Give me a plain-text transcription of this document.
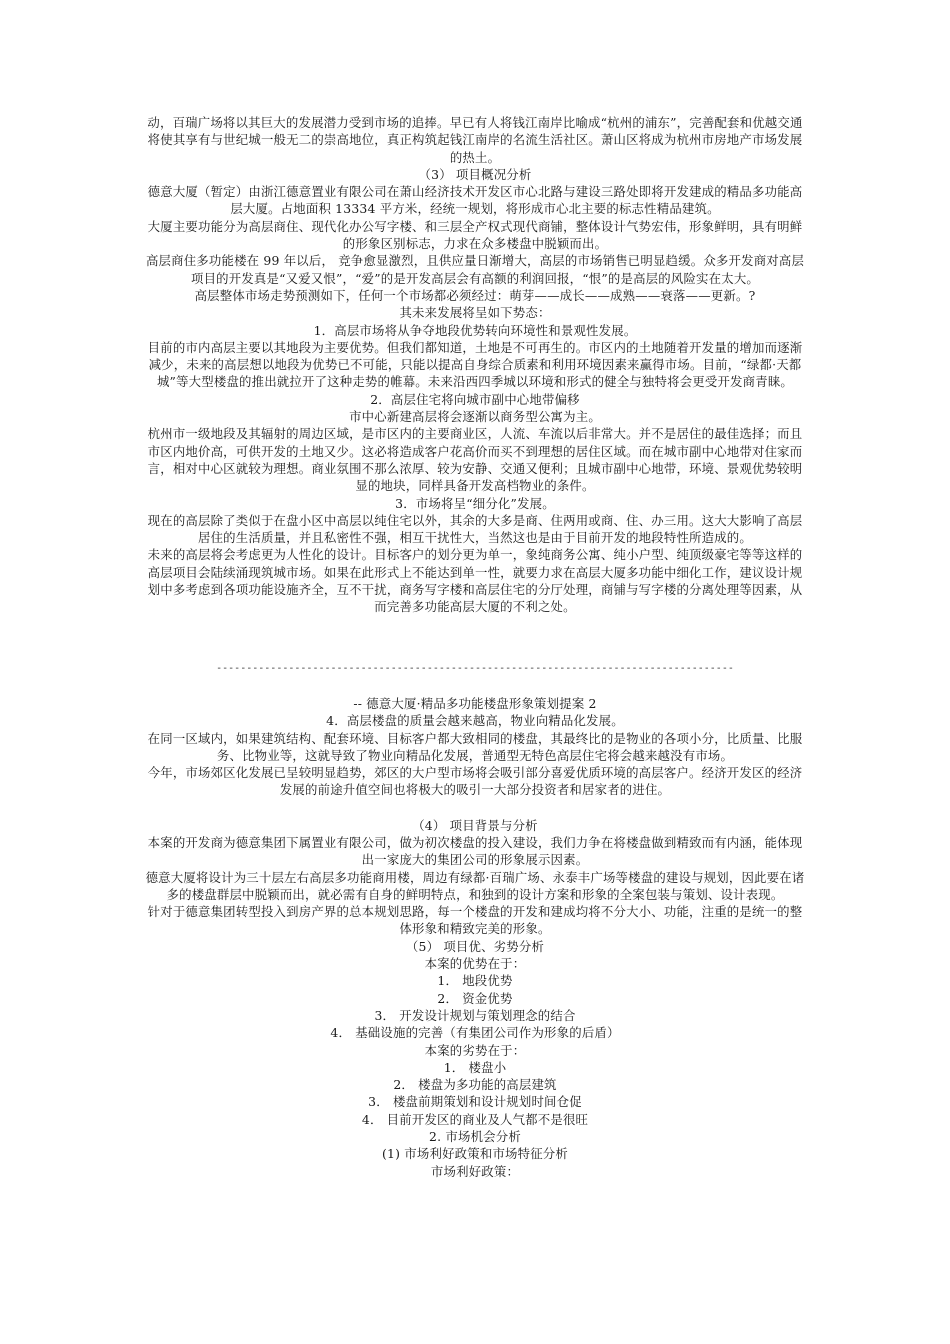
动，百瑞广场将以其巨大的发展潜力受到市场的追捧。早已有人将钱江南岸比喻成“杭州的浦东”，完善配套和优越交通将使其享有与世纪城一般无二的崇高地位，真正构筑起钱江南岸的名流生活社区。萧山区将成为杭州市房地产市场发展的热土。

（3） 项目概况分析

德意大厦（暂定）由浙江德意置业有限公司在萧山经济技术开发区市心北路与建设三路处即将开发建成的精品多功能高层大厦。占地面积 13334 平方米，经统一规划，将形成市心北主要的标志性精品建筑。

大厦主要功能分为高层商住、现代化办公写字楼、和三层全产权式现代商铺，整体设计气势宏伟，形象鲜明，具有明鲜的形象区别标志，力求在众多楼盘中脱颖而出。

高层商住多功能楼在 99 年以后， 竞争愈显激烈，且供应量日渐增大，高层的市场销售已明显趋缓。众多开发商对高层项目的开发真是“又爱又恨”，“爱”的是开发高层会有高额的利润回报，“恨”的是高层的风险实在太大。

高层整体市场走势预测如下，任何一个市场都必须经过：萌芽——成长——成熟——衰落——更新。?

其未来发展将呈如下势态：

1．高层市场将从争夺地段优势转向环境性和景观性发展。

目前的市内高层主要以其地段为主要优势。但我们都知道，土地是不可再生的。市区内的土地随着开发量的增加而逐渐减少，未来的高层想以地段为优势已不可能，只能以提高自身综合质素和利用环境因素来赢得市场。目前，“绿都·天都城”等大型楼盘的推出就拉开了这种走势的帷幕。未来沿西四季城以环境和形式的健全与独特将会更受开发商青睐。

2．高层住宅将向城市副中心地带偏移

市中心新建高层将会逐渐以商务型公寓为主。

杭州市一级地段及其辐射的周边区域，是市区内的主要商业区，人流、车流以后非常大。并不是居住的最佳选择；而且市区内地价高，可供开发的土地又少。这必将造成客户花高价而买不到理想的居住区域。而在城市副中心地带对住家而言，相对中心区就较为理想。商业氛围不那么浓厚、较为安静、交通又便利；且城市副中心地带，环境、景观优势较明显的地块，同样具备开发高档物业的条件。

3．市场将呈“细分化”发展。

现在的高层除了类似于在盘小区中高层以纯住宅以外，其余的大多是商、住两用或商、住、办三用。这大大影响了高层居住的生活质量，并且私密性不强，相互干扰性大，当然这也是由于目前开发的地段特性所造成的。

未来的高层将会考虑更为人性化的设计。目标客户的划分更为单一，象纯商务公寓、纯小户型、纯顶级豪宅等等这样的高层项目会陆续涌现筑城市场。如果在此形式上不能达到单一性，就要力求在高层大厦多功能中细化工作，建议设计规划中多考虑到各项功能设施齐全，互不干扰，商务写字楼和高层住宅的分厅处理，商铺与写字楼的分离处理等因素，从而完善多功能高层大厦的不利之处。

--------------------------------------------------------------------------------------

-- 德意大厦·精品多功能楼盘形象策划提案 2

4．高层楼盘的质量会越来越高，物业向精品化发展。

在同一区域内，如果建筑结构、配套环境、目标客户都大致相同的楼盘，其最终比的是物业的各项小分，比质量、比服务、比物业等，这就导致了物业向精品化发展，普通型无特色高层住宅将会越来越没有市场。

今年，市场郊区化发展已呈较明显趋势，郊区的大户型市场将会吸引部分喜爱优质环境的高层客户。经济开发区的经济发展的前途升值空间也将极大的吸引一大部分投资者和居家者的进住。

（4） 项目背景与分析

本案的开发商为德意集团下属置业有限公司，做为初次楼盘的投入建设，我们力争在将楼盘做到精致而有内涵，能体现出一家庞大的集团公司的形象展示因素。

德意大厦将设计为三十层左右高层多功能商用楼，周边有绿都·百瑞广场、永泰丰广场等楼盘的建设与规划，因此要在诸多的楼盘群层中脱颖而出，就必需有自身的鲜明特点，和独到的设计方案和形象的全案包装与策划、设计表现。

针对于德意集团转型投入到房产界的总本规划思路，每一个楼盘的开发和建成均将不分大小、功能，注重的是统一的整体形象和精致完美的形象。

（5） 项目优、劣势分析

本案的优势在于：

1． 地段优势

2． 资金优势

3． 开发设计规划与策划理念的结合

4． 基础设施的完善（有集团公司作为形象的后盾）

本案的劣势在于：

1． 楼盘小

2． 楼盘为多功能的高层建筑

3． 楼盘前期策划和设计规划时间仓促

4． 目前开发区的商业及人气都不是很旺

2. 市场机会分析

(1) 市场利好政策和市场特征分析

市场利好政策：
